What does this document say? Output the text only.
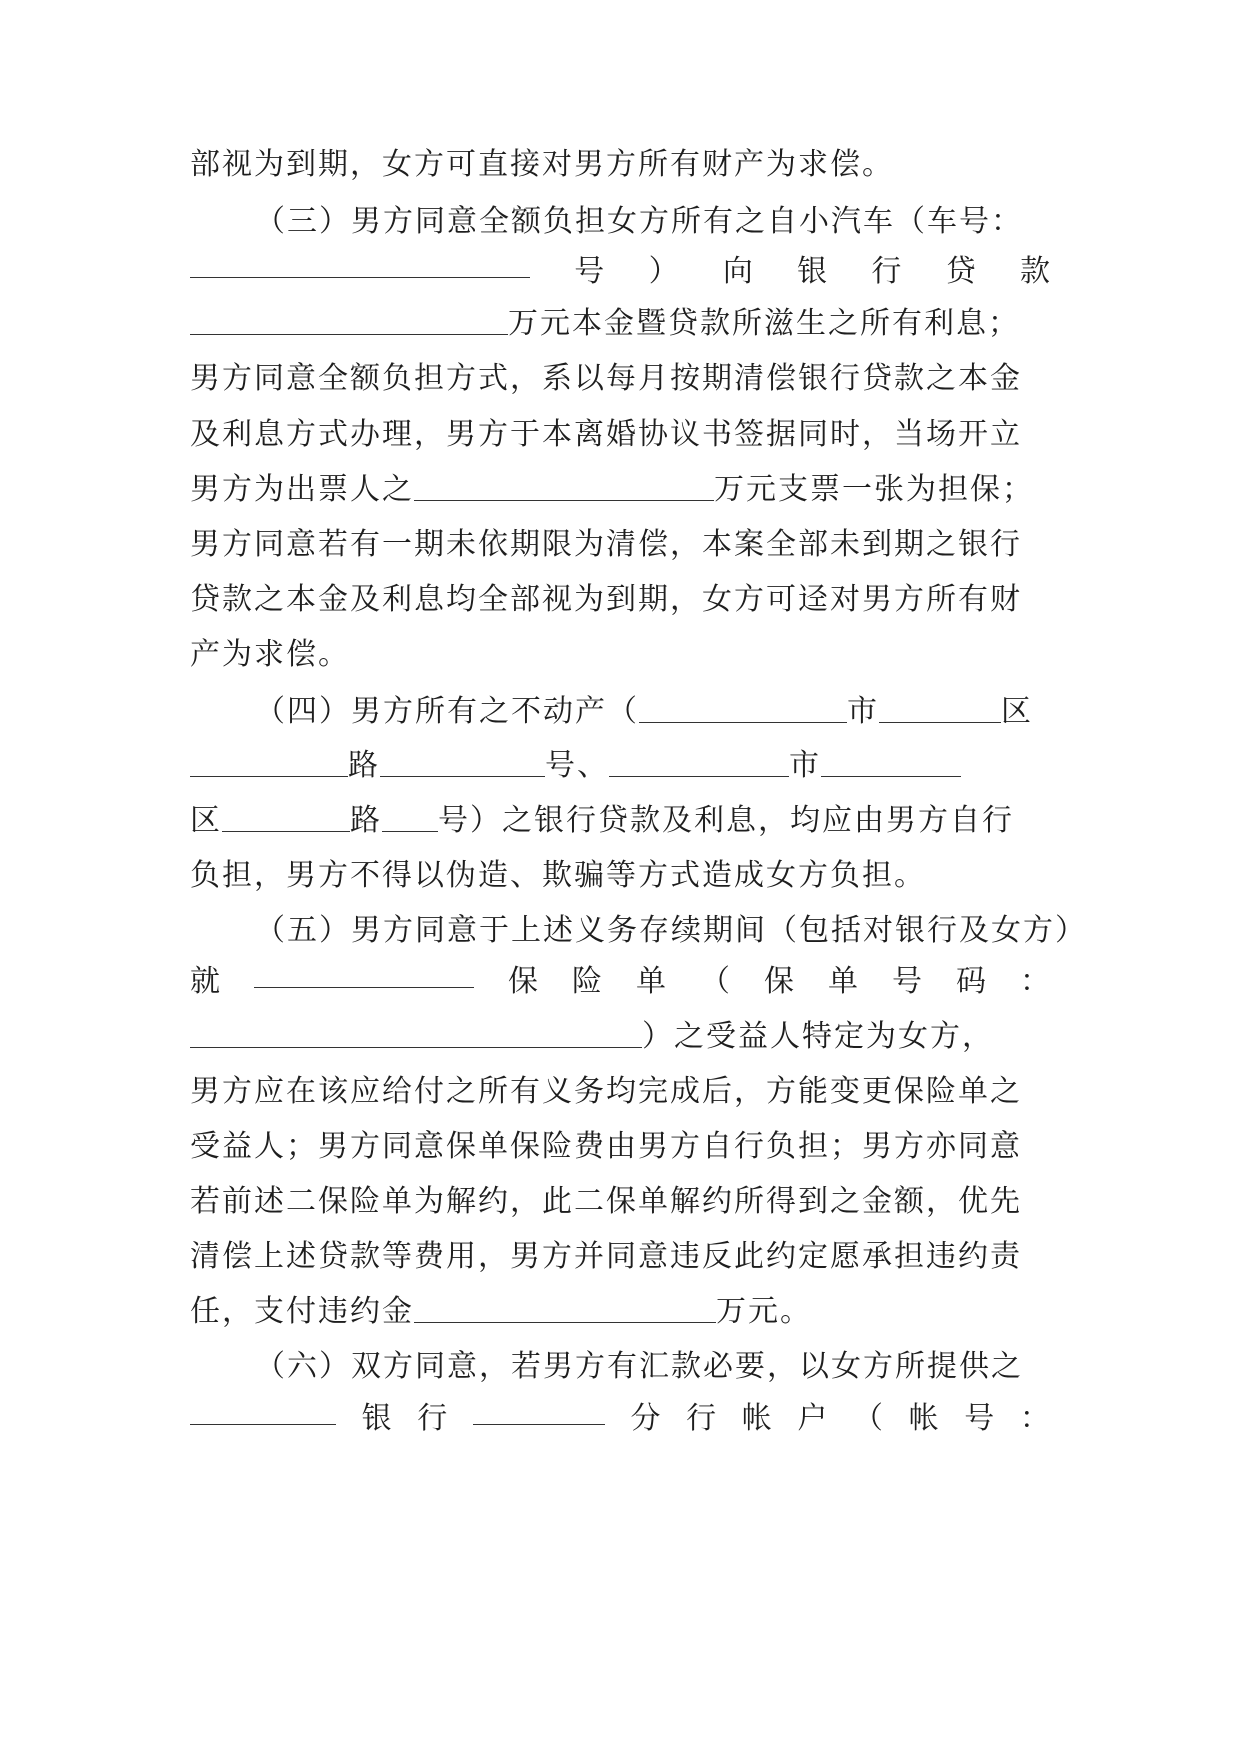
部视为到期，女方可直接对男方所有财产为求偿。
（三）男方同意全额负担女方所有之自小汽车（车号：
号 ） 向 银 行 贷 款
万元本金暨贷款所滋生之所有利息；
男方同意全额负担方式，系以每月按期清偿银行贷款之本金
及利息方式办理，男方于本离婚协议书签据同时，当场开立
男方为出票人之	万元支票一张为担保；
男方同意若有一期未依期限为清偿，本案全部未到期之银行
贷款之本金及利息均全部视为到期，女方可迳对男方所有财
产为求偿。
（四）男方所有之不动产（	市	区
路	号、	市
区	路 号）之银行贷款及利息，均应由男方自行
负担，男方不得以伪造、欺骗等方式造成女方负担。
（五）男方同意于上述义务存续期间（包括对银行及女方）
就	保 险 单 （ 保 单 号 码 ：
）之受益人特定为女方，
男方应在该应给付之所有义务均完成后，方能变更保险单之
受益人；男方同意保单保险费由男方自行负担；男方亦同意
若前述二保险单为解约，此二保单解约所得到之金额，优先
清偿上述贷款等费用，男方并同意违反此约定愿承担违约责
任，支付违约金	万元。
（六）双方同意，若男方有汇款必要，以女方所提供之
银 行	分 行 帐 户 （ 帐 号 ：
